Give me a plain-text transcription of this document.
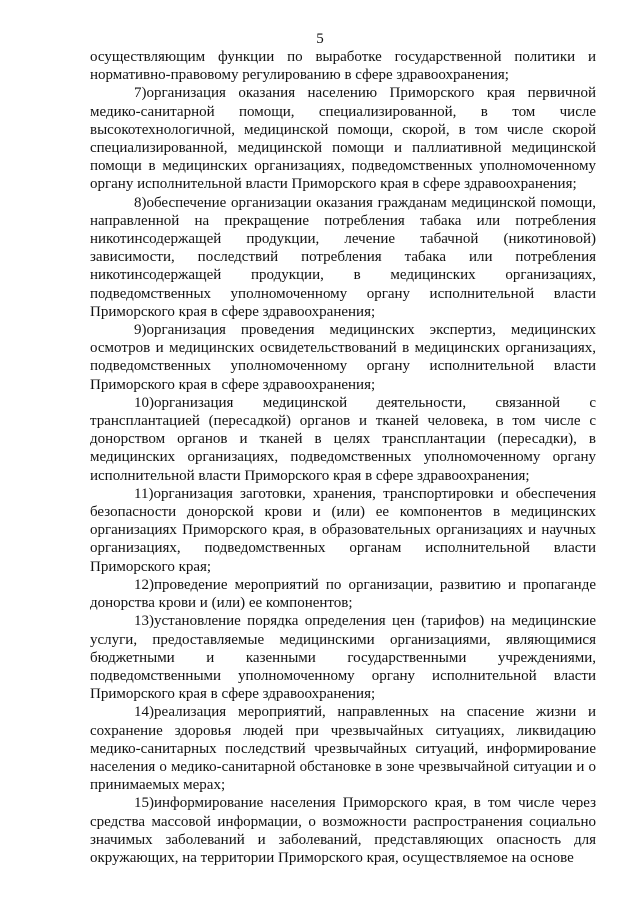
5

осуществляющим функции по выработке государственной политики и нормативно-правовому регулированию в сфере здравоохранения;

7)организация оказания населению Приморского края первичной медико-санитарной помощи, специализированной, в том числе высокотехнологичной, медицинской помощи, скорой, в том числе скорой специализированной, медицинской помощи и паллиативной медицинской помощи в медицинских организациях, подведомственных уполномоченному органу исполнительной власти Приморского края в сфере здравоохранения;

8)обеспечение организации оказания гражданам медицинской помощи, направленной на прекращение потребления табака или потребления никотинсодержащей продукции, лечение табачной (никотиновой) зависимости, последствий потребления табака или потребления никотинсодержащей продукции, в медицинских организациях, подведомственных уполномоченному органу исполнительной власти Приморского края в сфере здравоохранения;

9)организация проведения медицинских экспертиз, медицинских осмотров и медицинских освидетельствований в медицинских организациях, подведомственных уполномоченному органу исполнительной власти Приморского края в сфере здравоохранения;

10)организация медицинской деятельности, связанной с трансплантацией (пересадкой) органов и тканей человека, в том числе с донорством органов и тканей в целях трансплантации (пересадки), в медицинских организациях, подведомственных уполномоченному органу исполнительной власти Приморского края в сфере здравоохранения;

11)организация заготовки, хранения, транспортировки и обеспечения безопасности донорской крови и (или) ее компонентов в медицинских организациях Приморского края, в образовательных организациях и научных организациях, подведомственных органам исполнительной власти Приморского края;

12)проведение мероприятий по организации, развитию и пропаганде донорства крови и (или) ее компонентов;

13)установление порядка определения цен (тарифов) на медицинские услуги, предоставляемые медицинскими организациями, являющимися бюджетными и казенными государственными учреждениями, подведомственными уполномоченному органу исполнительной власти Приморского края в сфере здравоохранения;

14)реализация мероприятий, направленных на спасение жизни и сохранение здоровья людей при чрезвычайных ситуациях, ликвидацию медико-санитарных последствий чрезвычайных ситуаций, информирование населения о медико-санитарной обстановке в зоне чрезвычайной ситуации и о принимаемых мерах;

15)информирование населения Приморского края, в том числе через средства массовой информации, о возможности распространения социально значимых заболеваний и заболеваний, представляющих опасность для окружающих, на территории Приморского края, осуществляемое на основе
